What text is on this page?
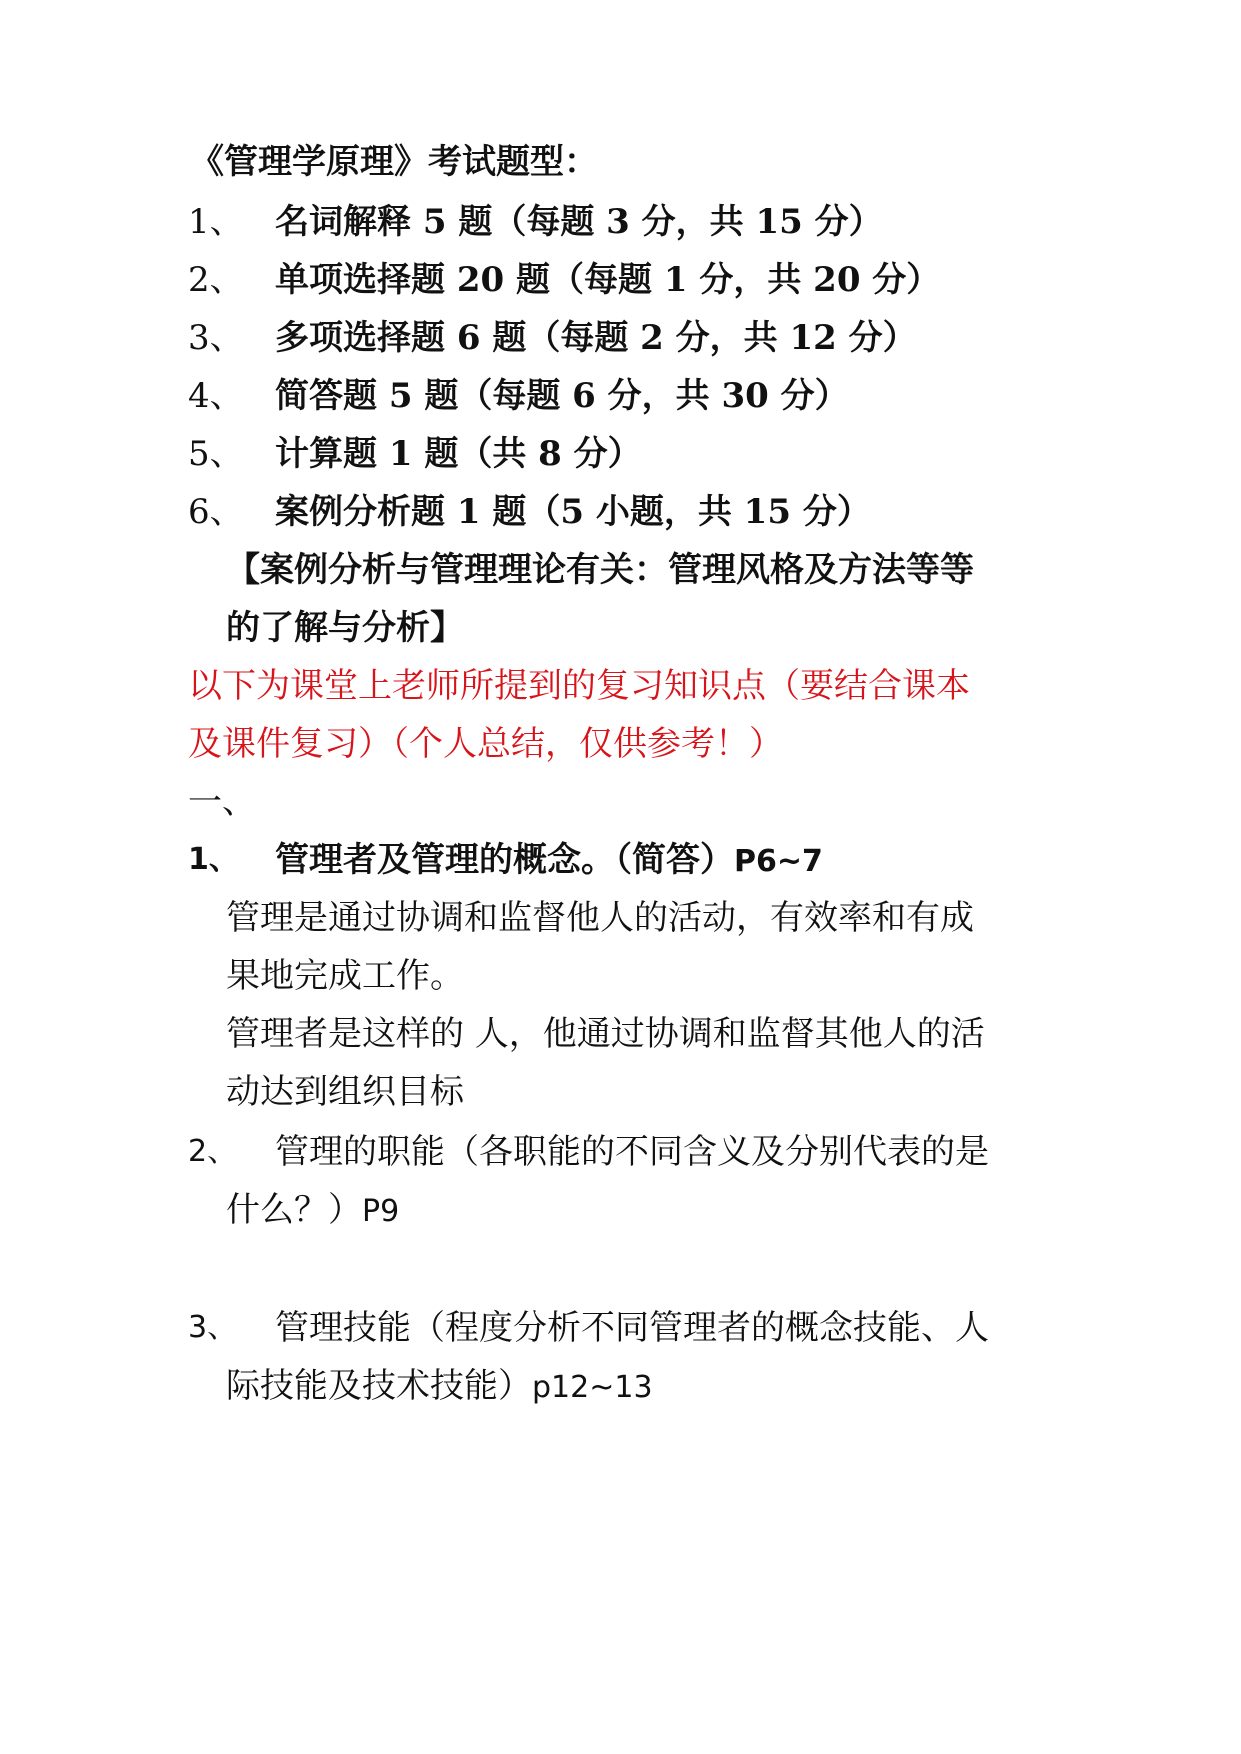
《管理学原理》考试题型：
1、 名词解释 5 题（每题 3 分，共 15 分）
2、 单项选择题 20 题（每题 1 分，共 20 分）
3、 多项选择题 6 题（每题 2 分，共 12 分）
4、 简答题 5 题（每题 6 分，共 30 分）
5、 计算题 1 题（共 8 分）
6、 案例分析题 1 题（5 小题，共 15 分）
【案例分析与管理理论有关：管理风格及方法等等
的了解与分析】
以下为课堂上老师所提到的复习知识点（要结合课本
及课件复习）（个人总结，仅供参考！）
一、
1、 管理者及管理的概念。（简答）P6~7
管理是通过协调和监督他人的活动，有效率和有成
果地完成工作。
管理者是这样的 人，他通过协调和监督其他人的活
动达到组织目标
2、 管理的职能（各职能的不同含义及分别代表的是
什么？）P9
3、 管理技能（程度分析不同管理者的概念技能、人
际技能及技术技能）p12~13
